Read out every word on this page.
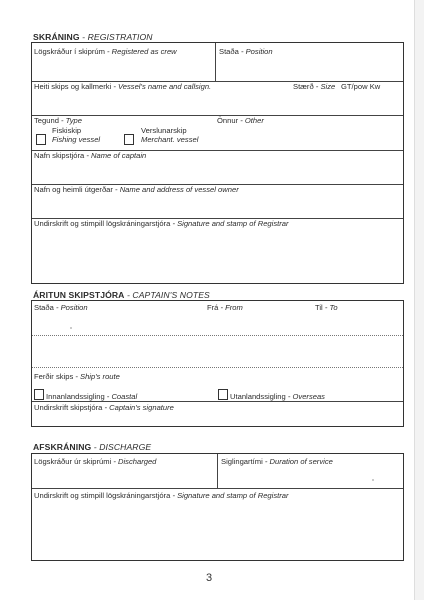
SKRÁNING - REGISTRATION
Lögskráður í skiprúm - Registered as crew	Staða - Position
Heiti skips og kallmerki - Vessel's name and callsign.	Stærð - Size GT/pow Kw
Tegund - Type	Önnur - Other
Fiskiskip
Fishing vessel
Verslunarskip
Merchant. vessel
Nafn skipstjóra - Name of captain
Nafn og heimli útgerðar - Name and address of vessel owner
Undirskrift og stimpill lögskráningarstjóra - Signature and stamp of Registrar
ÁRITUN SKIPSTJÓRA - CAPTAIN'S NOTES
Staða - Position	Frá - From	Til - To
Ferðir skips - Ship's route
Innanlandssigling - Coastal	Utanlandssigling - Overseas
Undirskrift skipstjóra - Captain's signature
AFSKRÁNING - DISCHARGE
Lögskráður úr skiprúmi - Discharged	Siglingartími - Duration of service
Undirskrift og stimpill lögskráningarstjóra - Signature and stamp of Registrar
3
